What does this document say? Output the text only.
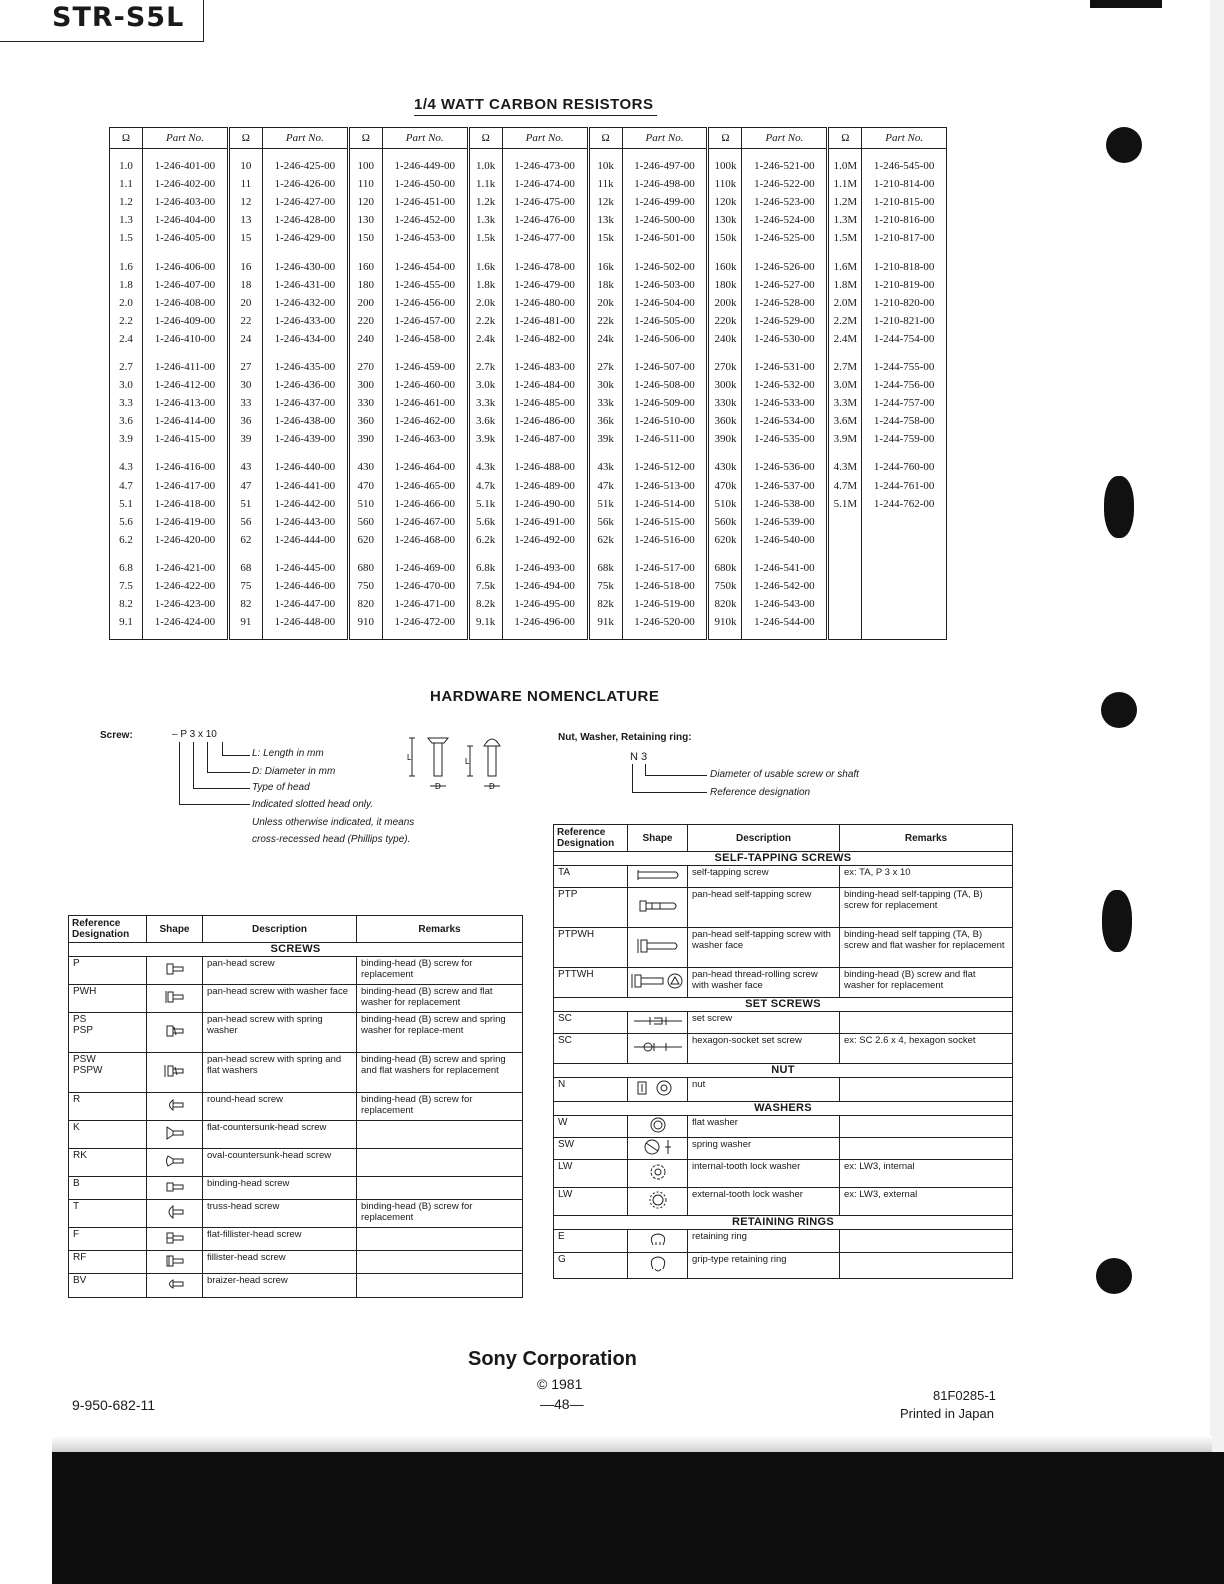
STR-S5L
1/4 WATT CARBON RESISTORS
Ω	Part No.	Ω	Part No.	Ω	Part No.	Ω	Part No.	Ω	Part No.	Ω	Part No.	Ω	Part No.
1.0	1-246-401-00	10	1-246-425-00	100	1-246-449-00	1.0k	1-246-473-00	10k	1-246-497-00	100k	1-246-521-00	1.0M	1-246-545-00
1.1	1-246-402-00	11	1-246-426-00	110	1-246-450-00	1.1k	1-246-474-00	11k	1-246-498-00	110k	1-246-522-00	1.1M	1-210-814-00
1.2	1-246-403-00	12	1-246-427-00	120	1-246-451-00	1.2k	1-246-475-00	12k	1-246-499-00	120k	1-246-523-00	1.2M	1-210-815-00
1.3	1-246-404-00	13	1-246-428-00	130	1-246-452-00	1.3k	1-246-476-00	13k	1-246-500-00	130k	1-246-524-00	1.3M	1-210-816-00
1.5	1-246-405-00	15	1-246-429-00	150	1-246-453-00	1.5k	1-246-477-00	15k	1-246-501-00	150k	1-246-525-00	1.5M	1-210-817-00
1.6	1-246-406-00	16	1-246-430-00	160	1-246-454-00	1.6k	1-246-478-00	16k	1-246-502-00	160k	1-246-526-00	1.6M	1-210-818-00
1.8	1-246-407-00	18	1-246-431-00	180	1-246-455-00	1.8k	1-246-479-00	18k	1-246-503-00	180k	1-246-527-00	1.8M	1-210-819-00
2.0	1-246-408-00	20	1-246-432-00	200	1-246-456-00	2.0k	1-246-480-00	20k	1-246-504-00	200k	1-246-528-00	2.0M	1-210-820-00
2.2	1-246-409-00	22	1-246-433-00	220	1-246-457-00	2.2k	1-246-481-00	22k	1-246-505-00	220k	1-246-529-00	2.2M	1-210-821-00
2.4	1-246-410-00	24	1-246-434-00	240	1-246-458-00	2.4k	1-246-482-00	24k	1-246-506-00	240k	1-246-530-00	2.4M	1-244-754-00
2.7	1-246-411-00	27	1-246-435-00	270	1-246-459-00	2.7k	1-246-483-00	27k	1-246-507-00	270k	1-246-531-00	2.7M	1-244-755-00
3.0	1-246-412-00	30	1-246-436-00	300	1-246-460-00	3.0k	1-246-484-00	30k	1-246-508-00	300k	1-246-532-00	3.0M	1-244-756-00
3.3	1-246-413-00	33	1-246-437-00	330	1-246-461-00	3.3k	1-246-485-00	33k	1-246-509-00	330k	1-246-533-00	3.3M	1-244-757-00
3.6	1-246-414-00	36	1-246-438-00	360	1-246-462-00	3.6k	1-246-486-00	36k	1-246-510-00	360k	1-246-534-00	3.6M	1-244-758-00
3.9	1-246-415-00	39	1-246-439-00	390	1-246-463-00	3.9k	1-246-487-00	39k	1-246-511-00	390k	1-246-535-00	3.9M	1-244-759-00
4.3	1-246-416-00	43	1-246-440-00	430	1-246-464-00	4.3k	1-246-488-00	43k	1-246-512-00	430k	1-246-536-00	4.3M	1-244-760-00
4.7	1-246-417-00	47	1-246-441-00	470	1-246-465-00	4.7k	1-246-489-00	47k	1-246-513-00	470k	1-246-537-00	4.7M	1-244-761-00
5.1	1-246-418-00	51	1-246-442-00	510	1-246-466-00	5.1k	1-246-490-00	51k	1-246-514-00	510k	1-246-538-00	5.1M	1-244-762-00
5.6	1-246-419-00	56	1-246-443-00	560	1-246-467-00	5.6k	1-246-491-00	56k	1-246-515-00	560k	1-246-539-00		
6.2	1-246-420-00	62	1-246-444-00	620	1-246-468-00	6.2k	1-246-492-00	62k	1-246-516-00	620k	1-246-540-00		
6.8	1-246-421-00	68	1-246-445-00	680	1-246-469-00	6.8k	1-246-493-00	68k	1-246-517-00	680k	1-246-541-00		
7.5	1-246-422-00	75	1-246-446-00	750	1-246-470-00	7.5k	1-246-494-00	75k	1-246-518-00	750k	1-246-542-00		
8.2	1-246-423-00	82	1-246-447-00	820	1-246-471-00	8.2k	1-246-495-00	82k	1-246-519-00	820k	1-246-543-00		
9.1	1-246-424-00	91	1-246-448-00	910	1-246-472-00	9.1k	1-246-496-00	91k	1-246-520-00	910k	1-246-544-00		
HARDWARE NOMENCLATURE
Screw:	– P 3 x 10
L: Length in mm
D: Diameter in mm
Type of head
Indicated slotted head only.
Unless otherwise indicated, it means
cross-recessed head (Phillips type).
L
D
L
D
Nut, Washer, Retaining ring:
N 3
Diameter of usable screw or shaft
Reference designation
Reference Designation	Shape	Description	Remarks
SCREWS			
P		pan-head screw	binding-head (B) screw for replacement
PWH		pan-head screw with washer face	binding-head (B) screw and flat washer for replacement
PS
PSP		pan-head screw with spring washer	binding-head (B) screw and spring washer for replace-ment
PSW
PSPW		pan-head screw with spring and flat washers	binding-head (B) screw and spring and flat washers for replacement
R		round-head screw	binding-head (B) screw for replacement
K		flat-countersunk-head screw	
RK		oval-countersunk-head screw	
B		binding-head screw	
T		truss-head screw	binding-head (B) screw for replacement
F		flat-fillister-head screw	
RF		fillister-head screw	
BV		braizer-head screw	
Reference Designation	Shape	Description	Remarks
SELF-TAPPING SCREWS			
TA		self-tapping screw	ex: TA, P 3 x 10
PTP		pan-head self-tapping screw	binding-head self-tapping (TA, B) screw for replacement
PTPWH		pan-head self-tapping screw with washer face	binding-head self tapping (TA, B) screw and flat washer for replacement
PTTWH		pan-head thread-rolling screw with washer face	binding-head (B) screw and flat washer for replacement
SET SCREWS			
SC		set screw	
SC		hexagon-socket set screw	ex: SC 2.6 x 4, hexagon socket
NUT			
N		nut	
WASHERS			
W		flat washer	
SW		spring washer	
LW		internal-tooth lock washer	ex: LW3, internal
LW		external-tooth lock washer	ex: LW3, external
RETAINING RINGS			
E		retaining ring	
G		grip-type retaining ring	
Sony Corporation
© 1981
—48—
9-950-682-11
81F0285-1
Printed in Japan
